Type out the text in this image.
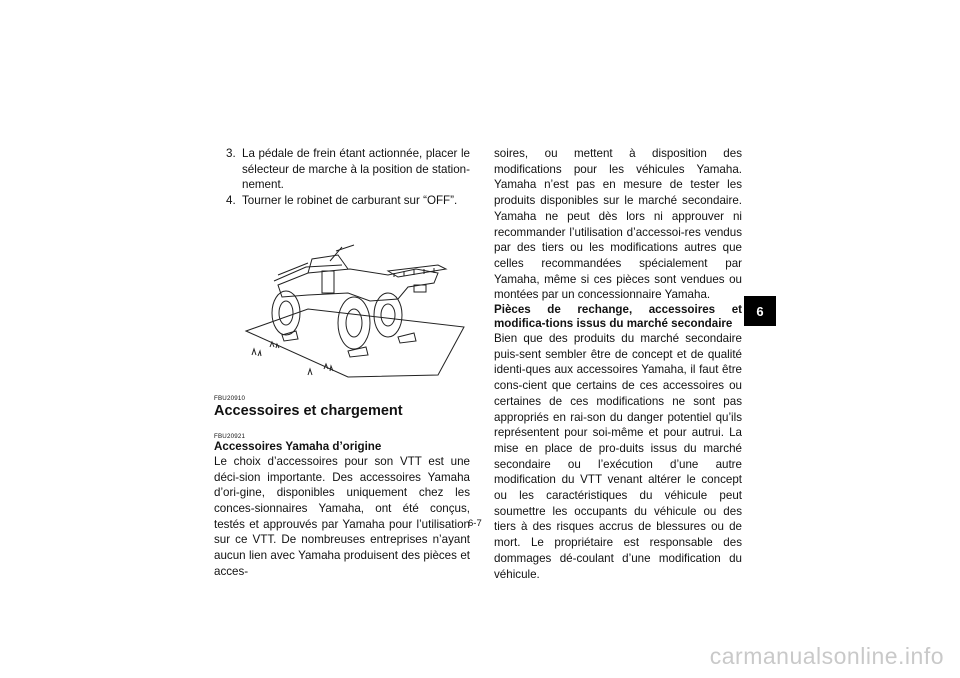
3. La pédale de frein étant actionnée, placer le sélecteur de marche à la position de station-nement.
4. Tourner le robinet de carburant sur “OFF”.
FBU20910
Accessoires et chargement
FBU20921
Accessoires Yamaha d’origine

Le choix d’accessoires pour son VTT est une déci-sion importante. Des accessoires Yamaha d’ori-gine, disponibles uniquement chez les conces-sionnaires Yamaha, ont été conçus, testés et approuvés par Yamaha pour l’utilisation sur ce VTT. De nombreuses entreprises n’ayant aucun lien avec Yamaha produisent des pièces et acces-

soires, ou mettent à disposition des modifications pour les véhicules Yamaha. Yamaha n’est pas en mesure de tester les produits disponibles sur le marché secondaire. Yamaha ne peut dès lors ni approuver ni recommander l’utilisation d’accessoi-res vendus par des tiers ou les modifications autres que celles recommandées spécialement par Yamaha, même si ces pièces sont vendues ou montées par un concessionnaire Yamaha.

Pièces de rechange, accessoires et modifica-tions issus du marché secondaire

Bien que des produits du marché secondaire puis-sent sembler être de concept et de qualité identi-ques aux accessoires Yamaha, il faut être cons-cient que certains de ces accessoires ou certaines de ces modifications ne sont pas appropriés en rai-son du danger potentiel qu’ils représentent pour soi-même et pour autrui. La mise en place de pro-duits issus du marché secondaire ou l’exécution d’une autre modification du VTT venant altérer le concept ou les caractéristiques du véhicule peut soumettre les occupants du véhicule ou des tiers à des risques accrus de blessures ou de mort. Le propriétaire est responsable des dommages dé-coulant d’une modification du véhicule.

6
6-7
carmanualsonline.info
